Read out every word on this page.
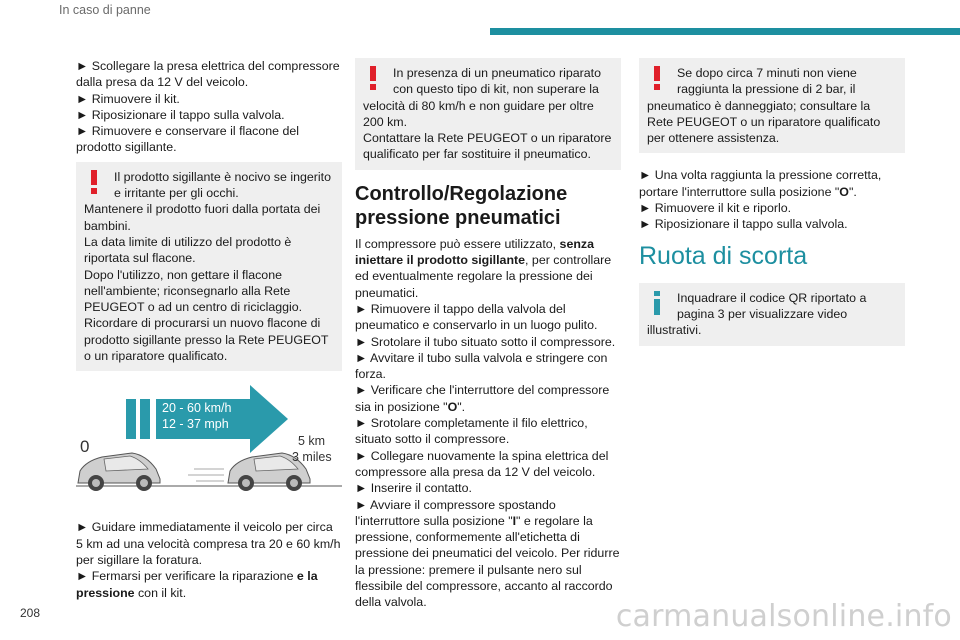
In caso di panne

► Scollegare la presa elettrica del compressore dalla presa da 12 V del veicolo.

► Rimuovere il kit.

► Riposizionare il tappo sulla valvola.

► Rimuovere e conservare il flacone del prodotto sigillante.

Il prodotto sigillante è nocivo se ingerito e irritante per gli occhi.

Mantenere il prodotto fuori dalla portata dei bambini.

La data limite di utilizzo del prodotto è riportata sul flacone.

Dopo l'utilizzo, non gettare il flacone nell'ambiente; riconsegnarlo alla Rete PEUGEOT o ad un centro di riciclaggio.

Ricordare di procurarsi un nuovo flacone di prodotto sigillante presso la Rete PEUGEOT o un riparatore qualificato.

20 - 60 km/h
12 - 37 mph
0	5 km
3 miles

► Guidare immediatamente il veicolo per circa 5 km ad una velocità compresa tra 20 e 60 km/h per sigillare la foratura.

► Fermarsi per verificare la riparazione e la pressione con il kit.

In presenza di un pneumatico riparato con questo tipo di kit, non superare la

velocità di 80 km/h e non guidare per oltre 200 km.

Contattare la Rete PEUGEOT o un riparatore qualificato per far sostituire il pneumatico.

Controllo/Regolazione pressione pneumatici

Il compressore può essere utilizzato, senza iniettare il prodotto sigillante, per controllare ed eventualmente regolare la pressione dei pneumatici.

► Rimuovere il tappo della valvola del pneumatico e conservarlo in un luogo pulito.

► Srotolare il tubo situato sotto il compressore.

► Avvitare il tubo sulla valvola e stringere con forza.

► Verificare che l'interruttore del compressore sia in posizione "O".

► Srotolare completamente il filo elettrico, situato sotto il compressore.

► Collegare nuovamente la spina elettrica del compressore alla presa da 12 V del veicolo.

► Inserire il contatto.

► Avviare il compressore spostando l'interruttore sulla posizione "I" e regolare la pressione, conformemente all'etichetta di pressione dei pneumatici del veicolo. Per ridurre la pressione: premere il pulsante nero sul flessibile del compressore, accanto al raccordo della valvola.

Se dopo circa 7 minuti non viene raggiunta la pressione di 2 bar, il

pneumatico è danneggiato; consultare la Rete PEUGEOT o un riparatore qualificato per ottenere assistenza.

► Una volta raggiunta la pressione corretta, portare l'interruttore sulla posizione "O".

► Rimuovere il kit e riporlo.

► Riposizionare il tappo sulla valvola.

Ruota di scorta

Inquadrare il codice QR riportato a pagina 3 per visualizzare video

illustrativi.

208	carmanualsonline.info
